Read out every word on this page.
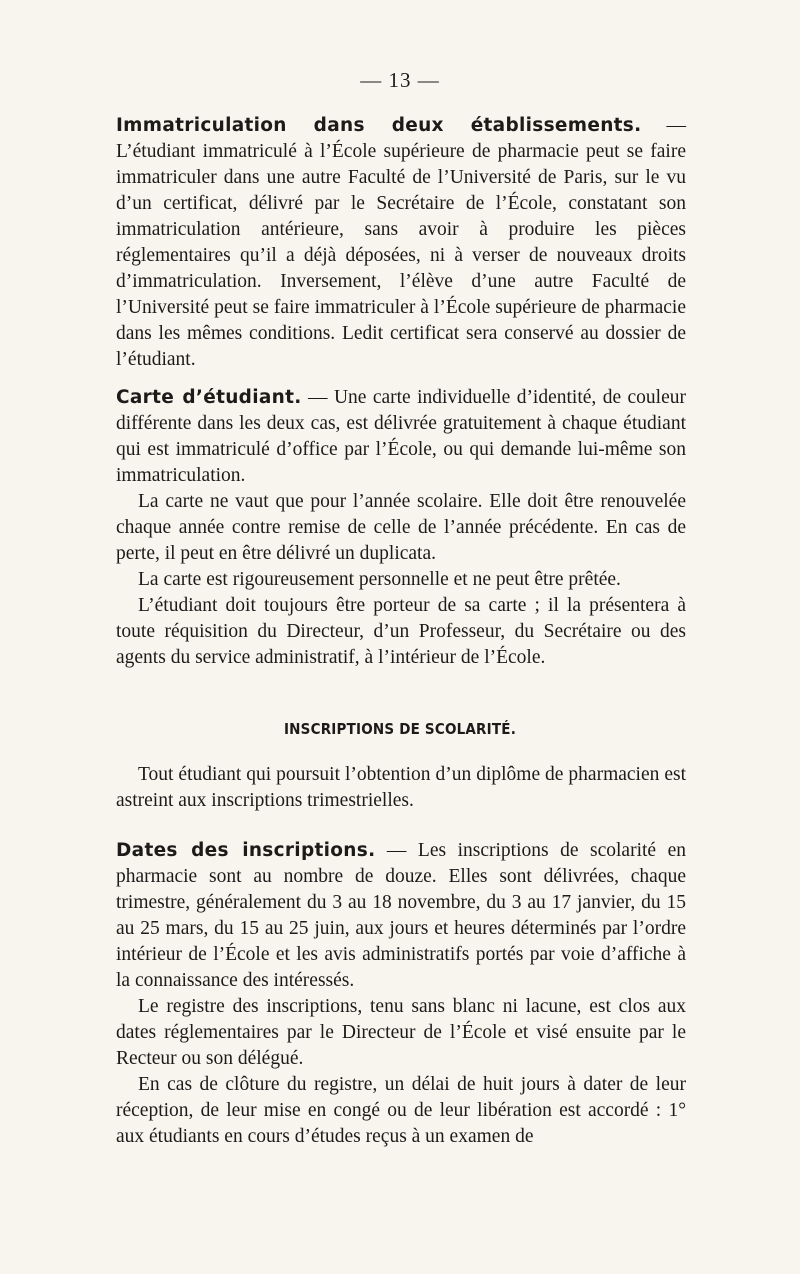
— 13 —

Immatriculation dans deux établissements. — L’étudiant immatriculé à l’École supérieure de pharmacie peut se faire immatriculer dans une autre Faculté de l’Université de Paris, sur le vu d’un certificat, délivré par le Secrétaire de l’École, constatant son immatriculation antérieure, sans avoir à produire les pièces réglementaires qu’il a déjà déposées, ni à verser de nouveaux droits d’immatriculation. Inversement, l’élève d’une autre Faculté de l’Université peut se faire immatriculer à l’École supérieure de pharmacie dans les mêmes conditions. Ledit certificat sera conservé au dossier de l’étudiant.

Carte d’étudiant. — Une carte individuelle d’identité, de couleur différente dans les deux cas, est délivrée gratuitement à chaque étudiant qui est immatriculé d’office par l’École, ou qui demande lui-même son immatriculation.

La carte ne vaut que pour l’année scolaire. Elle doit être renouvelée chaque année contre remise de celle de l’année précédente. En cas de perte, il peut en être délivré un duplicata.

La carte est rigoureusement personnelle et ne peut être prêtée.

L’étudiant doit toujours être porteur de sa carte ; il la présentera à toute réquisition du Directeur, d’un Professeur, du Secrétaire ou des agents du service administratif, à l’intérieur de l’École.

INSCRIPTIONS DE SCOLARITÉ.

Tout étudiant qui poursuit l’obtention d’un diplôme de pharmacien est astreint aux inscriptions trimestrielles.

Dates des inscriptions. — Les inscriptions de scolarité en pharmacie sont au nombre de douze. Elles sont délivrées, chaque trimestre, généralement du 3 au 18 novembre, du 3 au 17 janvier, du 15 au 25 mars, du 15 au 25 juin, aux jours et heures déterminés par l’ordre intérieur de l’École et les avis administratifs portés par voie d’affiche à la connaissance des intéressés.

Le registre des inscriptions, tenu sans blanc ni lacune, est clos aux dates réglementaires par le Directeur de l’École et visé ensuite par le Recteur ou son délégué.

En cas de clôture du registre, un délai de huit jours à dater de leur réception, de leur mise en congé ou de leur libération est accordé : 1° aux étudiants en cours d’études reçus à un examen de
